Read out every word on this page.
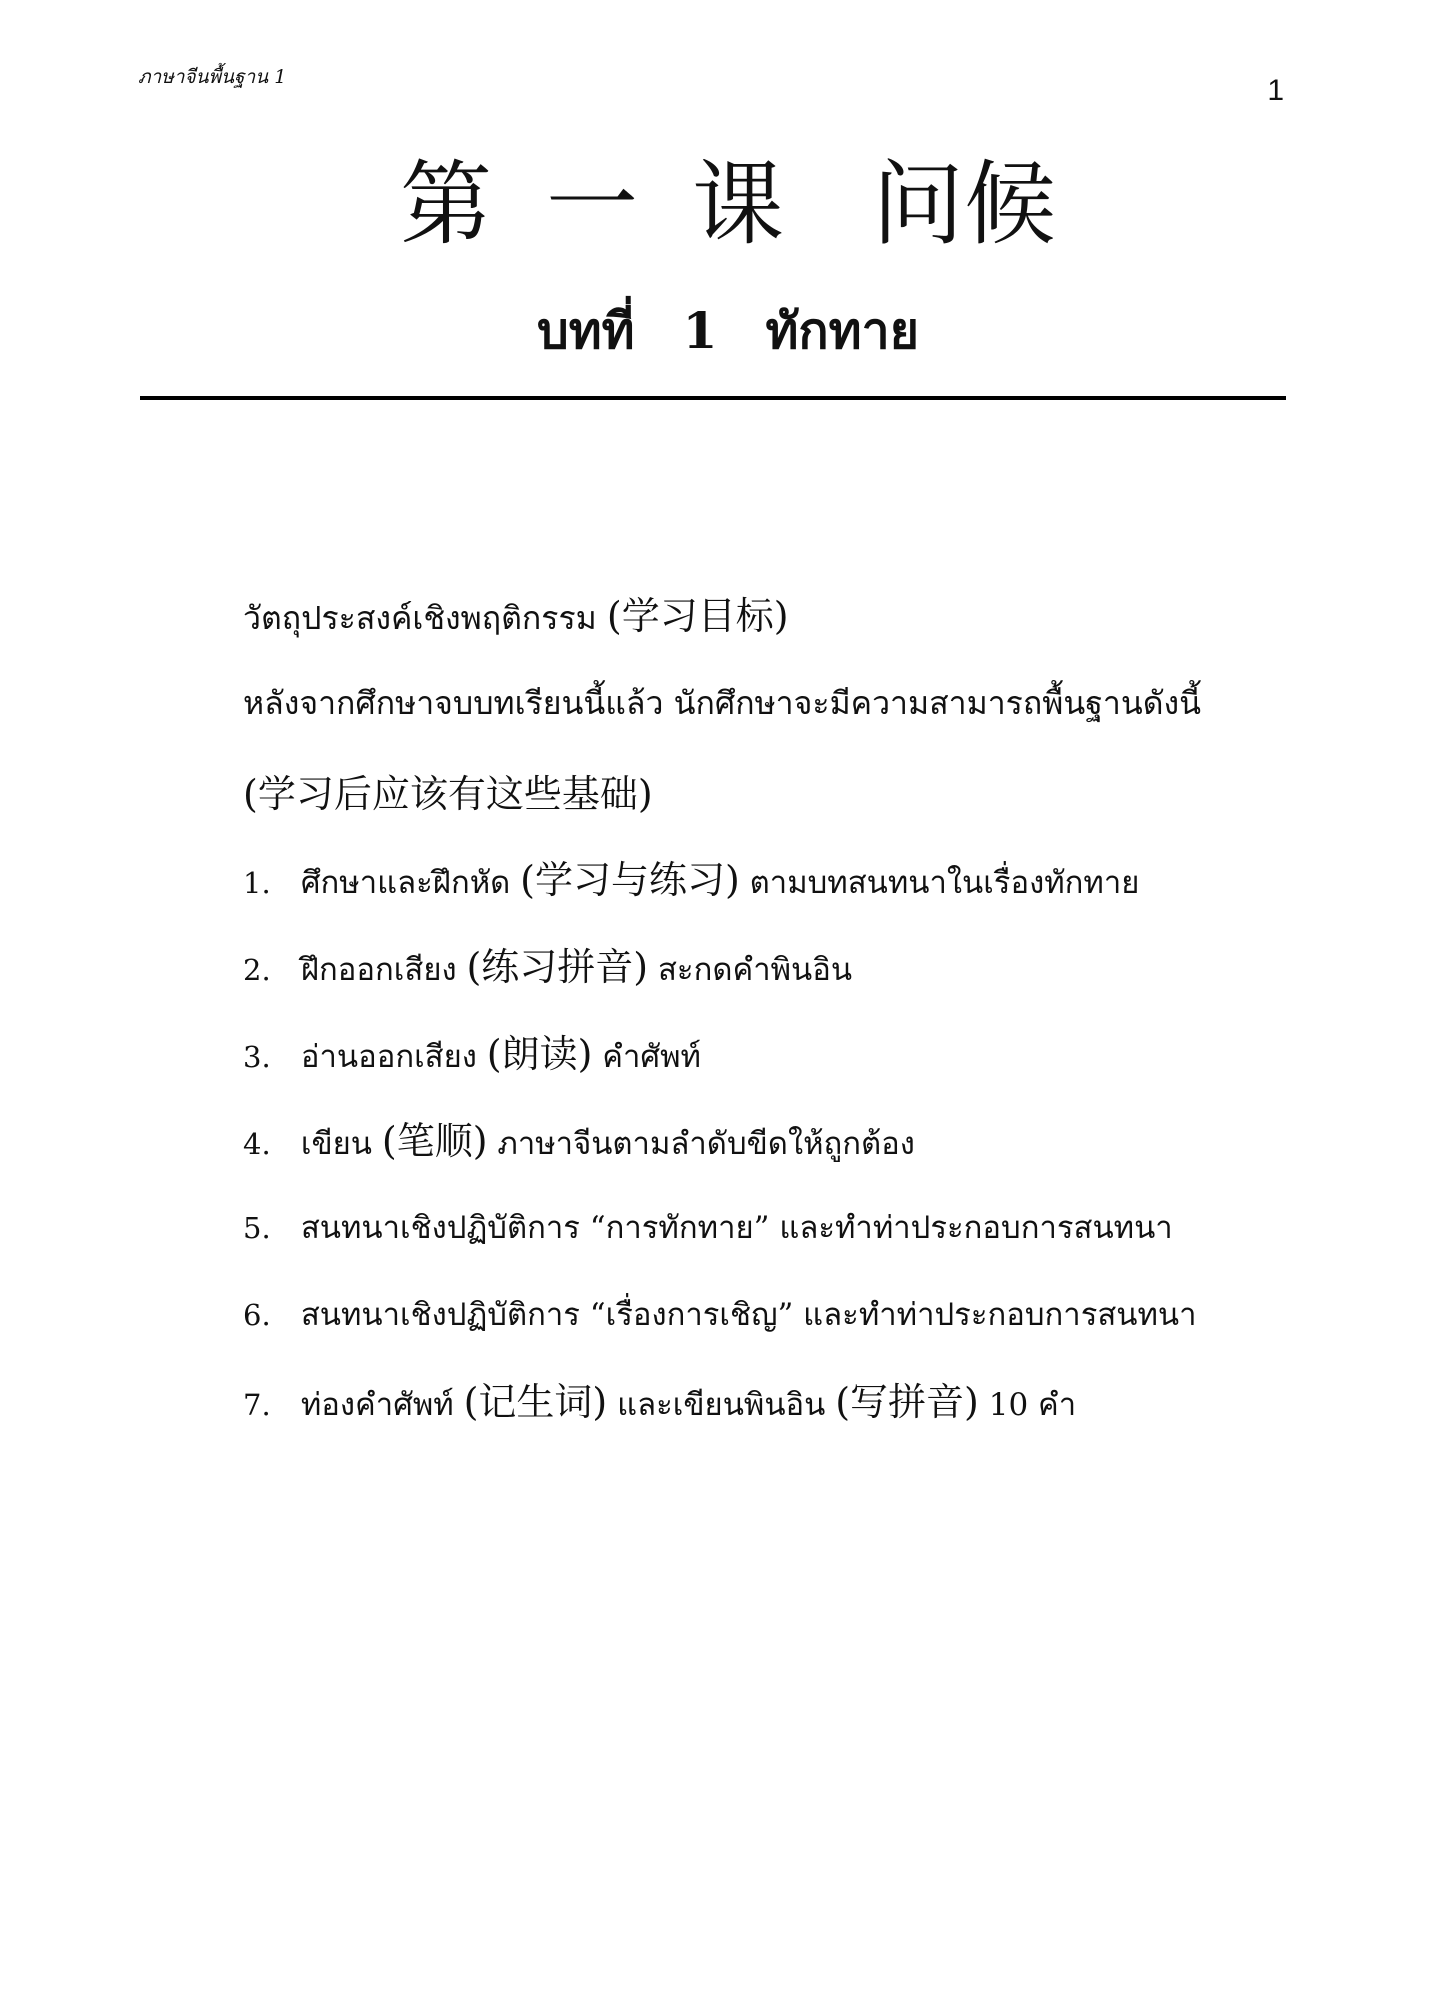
ภาษาจีนพื้นฐาน 1	1
第 一 课 问候
บทที่ 1 ทักทาย
วัตถุประสงค์เชิงพฤติกรรม (学习目标)
หลังจากศึกษาจบบทเรียนนี้แล้ว นักศึกษาจะมีความสามารถพื้นฐานดังนี้
(学习后应该有这些基础)
1. ศึกษาและฝึกหัด (学习与练习) ตามบทสนทนาในเรื่องทักทาย
2. ฝึกออกเสียง (练习拼音) สะกดคำพินอิน
3. อ่านออกเสียง (朗读) คำศัพท์
4. เขียน (笔顺) ภาษาจีนตามลำดับขีดให้ถูกต้อง
5. สนทนาเชิงปฏิบัติการ “การทักทาย” และทำท่าประกอบการสนทนา
6. สนทนาเชิงปฏิบัติการ “เรื่องการเชิญ” และทำท่าประกอบการสนทนา
7. ท่องคำศัพท์ (记生词) และเขียนพินอิน (写拼音) 10 คำ
